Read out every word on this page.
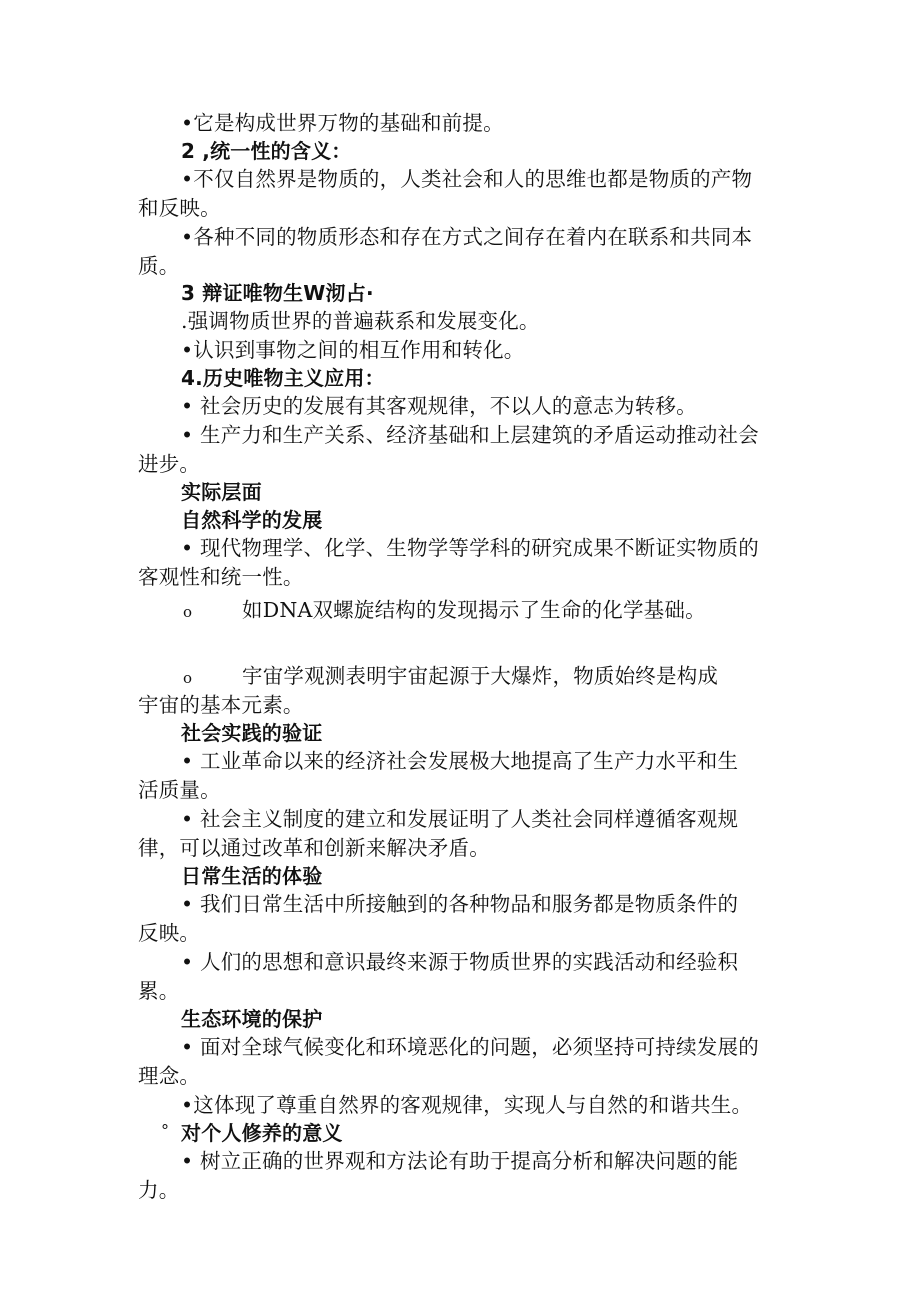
•它是构成世界万物的基础和前提。
2 ,统一性的含义：
•不仅自然界是物质的，人类社会和人的思维也都是物质的产物
和反映。
•各种不同的物质形态和存在方式之间存在着内在联系和共同本
质。
3 辩证唯物生W沏占·
.强调物质世界的普遍萩系和发展变化。
•认识到事物之间的相互作用和转化。
4.历史唯物主义应用：
• 社会历史的发展有其客观规律，不以人的意志为转移。
• 生产力和生产关系、经济基础和上层建筑的矛盾运动推动社会
进步。
实际层面
自然科学的发展
• 现代物理学、化学、生物学等学科的研究成果不断证实物质的
客观性和统一性。
o 如DNA双螺旋结构的发现揭示了生命的化学基础。
o 宇宙学观测表明宇宙起源于大爆炸，物质始终是构成
宇宙的基本元素。
社会实践的验证
• 工业革命以来的经济社会发展极大地提高了生产力水平和生
活质量。
• 社会主义制度的建立和发展证明了人类社会同样遵循客观规
律，可以通过改革和创新来解决矛盾。
日常生活的体验
• 我们日常生活中所接触到的各种物品和服务都是物质条件的
反映。
• 人们的思想和意识最终来源于物质世界的实践活动和经验积
累。
生态环境的保护
• 面对全球气候变化和环境恶化的问题，必须坚持可持续发展的
理念。
•这体现了尊重自然界的客观规律，实现人与自然的和谐共生。
° 对个人修养的意义
• 树立正确的世界观和方法论有助于提高分析和解决问题的能
力。
